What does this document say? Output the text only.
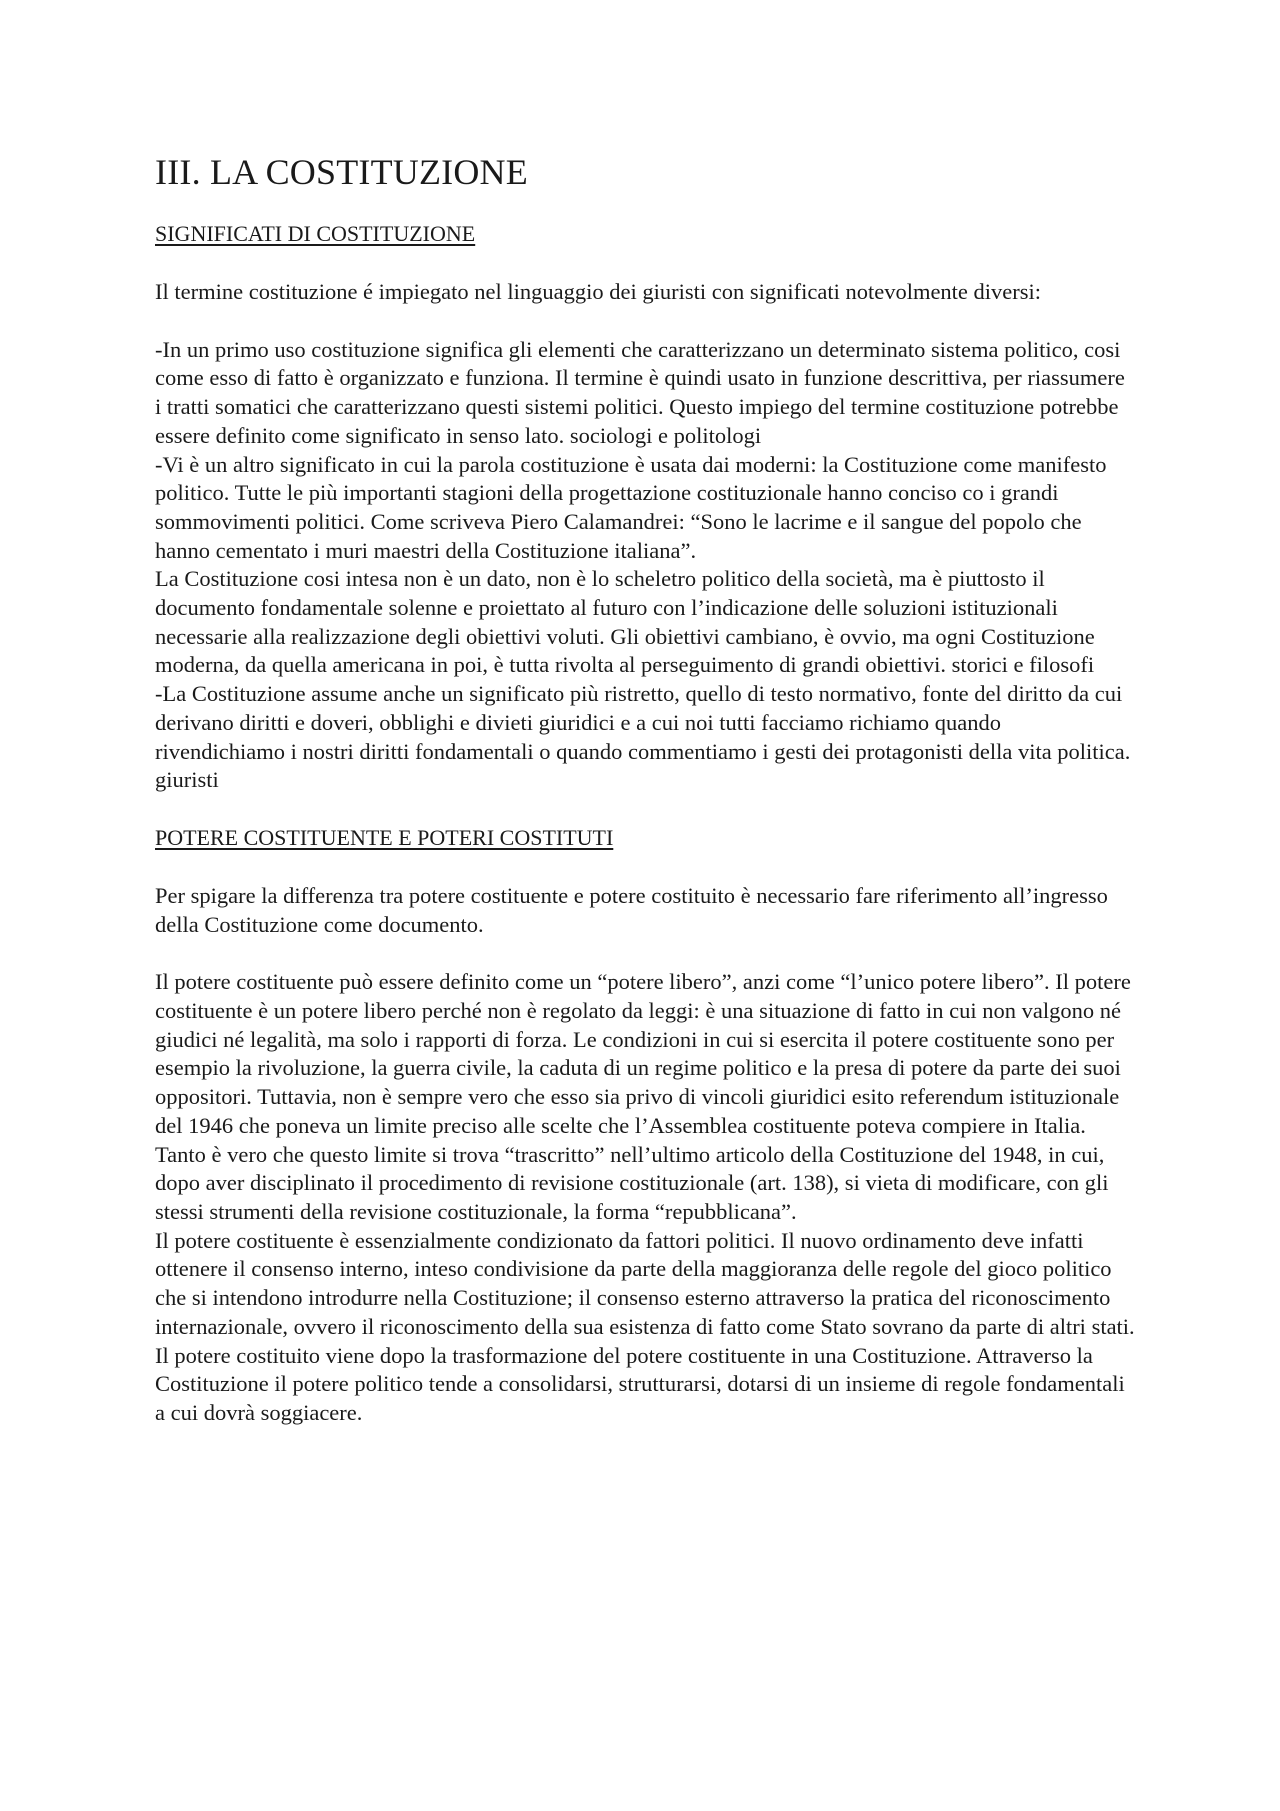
III. LA COSTITUZIONE
SIGNIFICATI DI COSTITUZIONE

Il termine costituzione é impiegato nel linguaggio dei giuristi con significati notevolmente diversi:

-In un primo uso costituzione significa gli elementi che caratterizzano un determinato sistema politico, cosi come esso di fatto è organizzato e funziona. Il termine è quindi usato in funzione descrittiva, per riassumere i tratti somatici che caratterizzano questi sistemi politici. Questo impiego del termine costituzione potrebbe essere definito come significato in senso lato. sociologi e politologi

-Vi è un altro significato in cui la parola costituzione è usata dai moderni: la Costituzione come manifesto politico. Tutte le più importanti stagioni della progettazione costituzionale hanno conciso co i grandi sommovimenti politici. Come scriveva Piero Calamandrei: “Sono le lacrime e il sangue del popolo che hanno cementato i muri maestri della Costituzione italiana”.

La Costituzione cosi intesa non è un dato, non è lo scheletro politico della società, ma è piuttosto il documento fondamentale solenne e proiettato al futuro con l’indicazione delle soluzioni istituzionali necessarie alla realizzazione degli obiettivi voluti. Gli obiettivi cambiano, è ovvio, ma ogni Costituzione moderna, da quella americana in poi, è tutta rivolta al perseguimento di grandi obiettivi. storici e filosofi

-La Costituzione assume anche un significato più ristretto, quello di testo normativo, fonte del diritto da cui derivano diritti e doveri, obblighi e divieti giuridici e a cui noi tutti facciamo richiamo quando rivendichiamo i nostri diritti fondamentali o quando commentiamo i gesti dei protagonisti della vita politica. giuristi

POTERE COSTITUENTE E POTERI COSTITUTI

Per spigare la differenza tra potere costituente e potere costituito è necessario fare riferimento all’ingresso della Costituzione come documento.

Il potere costituente può essere definito come un “potere libero”, anzi come “l’unico potere libero”. Il potere costituente è un potere libero perché non è regolato da leggi: è una situazione di fatto in cui non valgono né giudici né legalità, ma solo i rapporti di forza. Le condizioni in cui si esercita il potere costituente sono per esempio la rivoluzione, la guerra civile, la caduta di un regime politico e la presa di potere da parte dei suoi oppositori. Tuttavia, non è sempre vero che esso sia privo di vincoli giuridici esito referendum istituzionale del 1946 che poneva un limite preciso alle scelte che l’Assemblea costituente poteva compiere in Italia. Tanto è vero che questo limite si trova “trascritto” nell’ultimo articolo della Costituzione del 1948, in cui, dopo aver disciplinato il procedimento di revisione costituzionale (art. 138), si vieta di modificare, con gli stessi strumenti della revisione costituzionale, la forma “repubblicana”.

Il potere costituente è essenzialmente condizionato da fattori politici. Il nuovo ordinamento deve infatti ottenere il consenso interno, inteso condivisione da parte della maggioranza delle regole del gioco politico che si intendono introdurre nella Costituzione; il consenso esterno attraverso la pratica del riconoscimento internazionale, ovvero il riconoscimento della sua esistenza di fatto come Stato sovrano da parte di altri stati.

Il potere costituito viene dopo la trasformazione del potere costituente in una Costituzione. Attraverso la Costituzione il potere politico tende a consolidarsi, strutturarsi, dotarsi di un insieme di regole fondamentali a cui dovrà soggiacere.
